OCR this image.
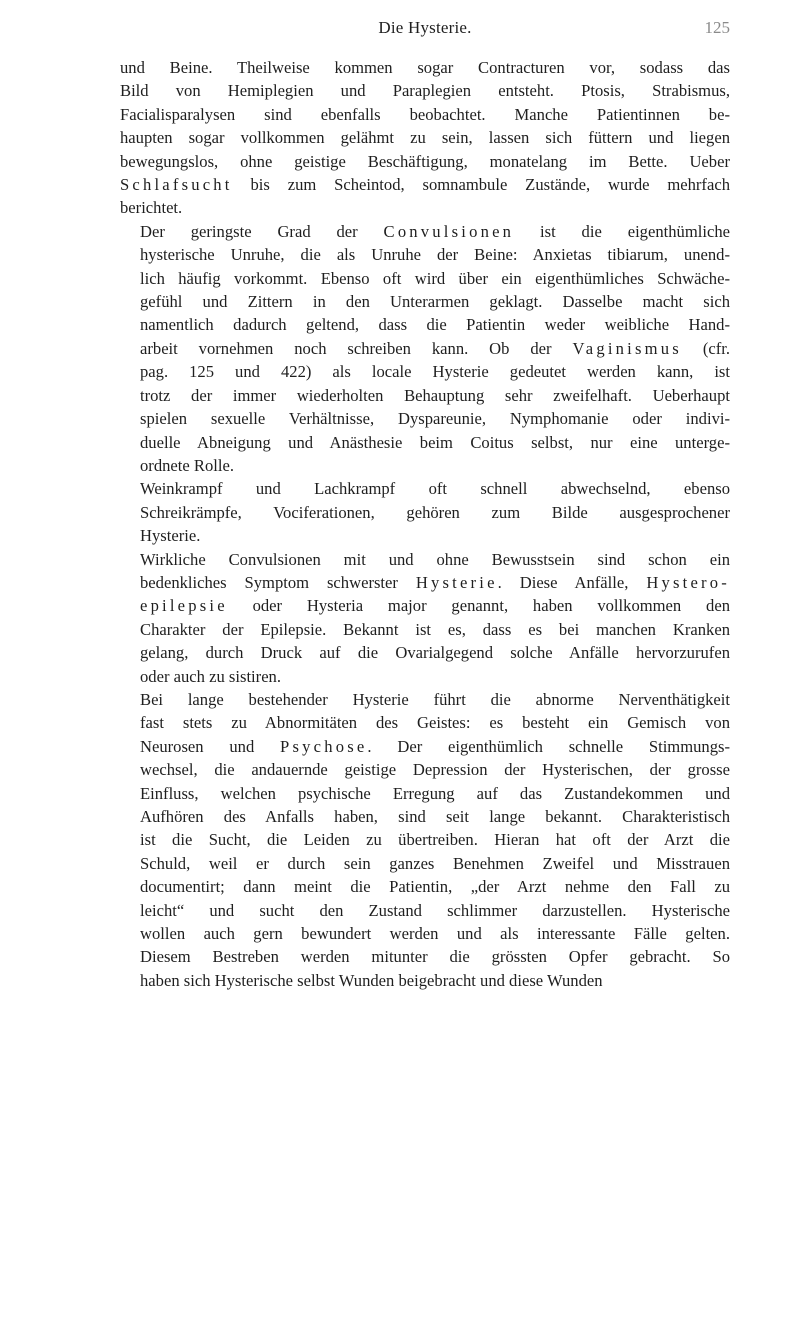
Die Hysterie.	125
und Beine. Theilweise kommen sogar Contracturen vor, sodass das
Bild von Hemiplegien und Paraplegien entsteht. Ptosis, Strabismus,
Facialisparalysen sind ebenfalls beobachtet. Manche Patientinnen be-
haupten sogar vollkommen gelähmt zu sein, lassen sich füttern und liegen
bewegungslos, ohne geistige Beschäftigung, monatelang im Bette. Ueber
Schlafsucht bis zum Scheintod, somnambule Zustände, wurde mehrfach
berichtet.
Der geringste Grad der Convulsionen ist die eigenthümliche
hysterische Unruhe, die als Unruhe der Beine: Anxietas tibiarum, unend-
lich häufig vorkommt. Ebenso oft wird über ein eigenthümliches Schwäche-
gefühl und Zittern in den Unterarmen geklagt. Dasselbe macht sich
namentlich dadurch geltend, dass die Patientin weder weibliche Hand-
arbeit vornehmen noch schreiben kann. Ob der Vaginismus (cfr.
pag. 125 und 422) als locale Hysterie gedeutet werden kann, ist
trotz der immer wiederholten Behauptung sehr zweifelhaft. Ueberhaupt
spielen sexuelle Verhältnisse, Dyspareunie, Nymphomanie oder indivi-
duelle Abneigung und Anästhesie beim Coitus selbst, nur eine unterge-
ordnete Rolle.
Weinkrampf und Lachkrampf oft schnell abwechselnd, ebenso
Schreikrämpfe, Vociferationen, gehören zum Bilde ausgesprochener
Hysterie.
Wirkliche Convulsionen mit und ohne Bewusstsein sind schon ein
bedenkliches Symptom schwerster Hysterie. Diese Anfälle, Hystero-
epilepsie oder Hysteria major genannt, haben vollkommen den
Charakter der Epilepsie. Bekannt ist es, dass es bei manchen Kranken
gelang, durch Druck auf die Ovarialgegend solche Anfälle hervorzurufen
oder auch zu sistiren.
Bei lange bestehender Hysterie führt die abnorme Nerventhätigkeit
fast stets zu Abnormitäten des Geistes: es besteht ein Gemisch von
Neurosen und Psychose. Der eigenthümlich schnelle Stimmungs-
wechsel, die andauernde geistige Depression der Hysterischen, der grosse
Einfluss, welchen psychische Erregung auf das Zustandekommen und
Aufhören des Anfalls haben, sind seit lange bekannt. Charakteristisch
ist die Sucht, die Leiden zu übertreiben. Hieran hat oft der Arzt die
Schuld, weil er durch sein ganzes Benehmen Zweifel und Misstrauen
documentirt; dann meint die Patientin, „der Arzt nehme den Fall zu
leicht“ und sucht den Zustand schlimmer darzustellen. Hysterische
wollen auch gern bewundert werden und als interessante Fälle gelten.
Diesem Bestreben werden mitunter die grössten Opfer gebracht. So
haben sich Hysterische selbst Wunden beigebracht und diese Wunden
